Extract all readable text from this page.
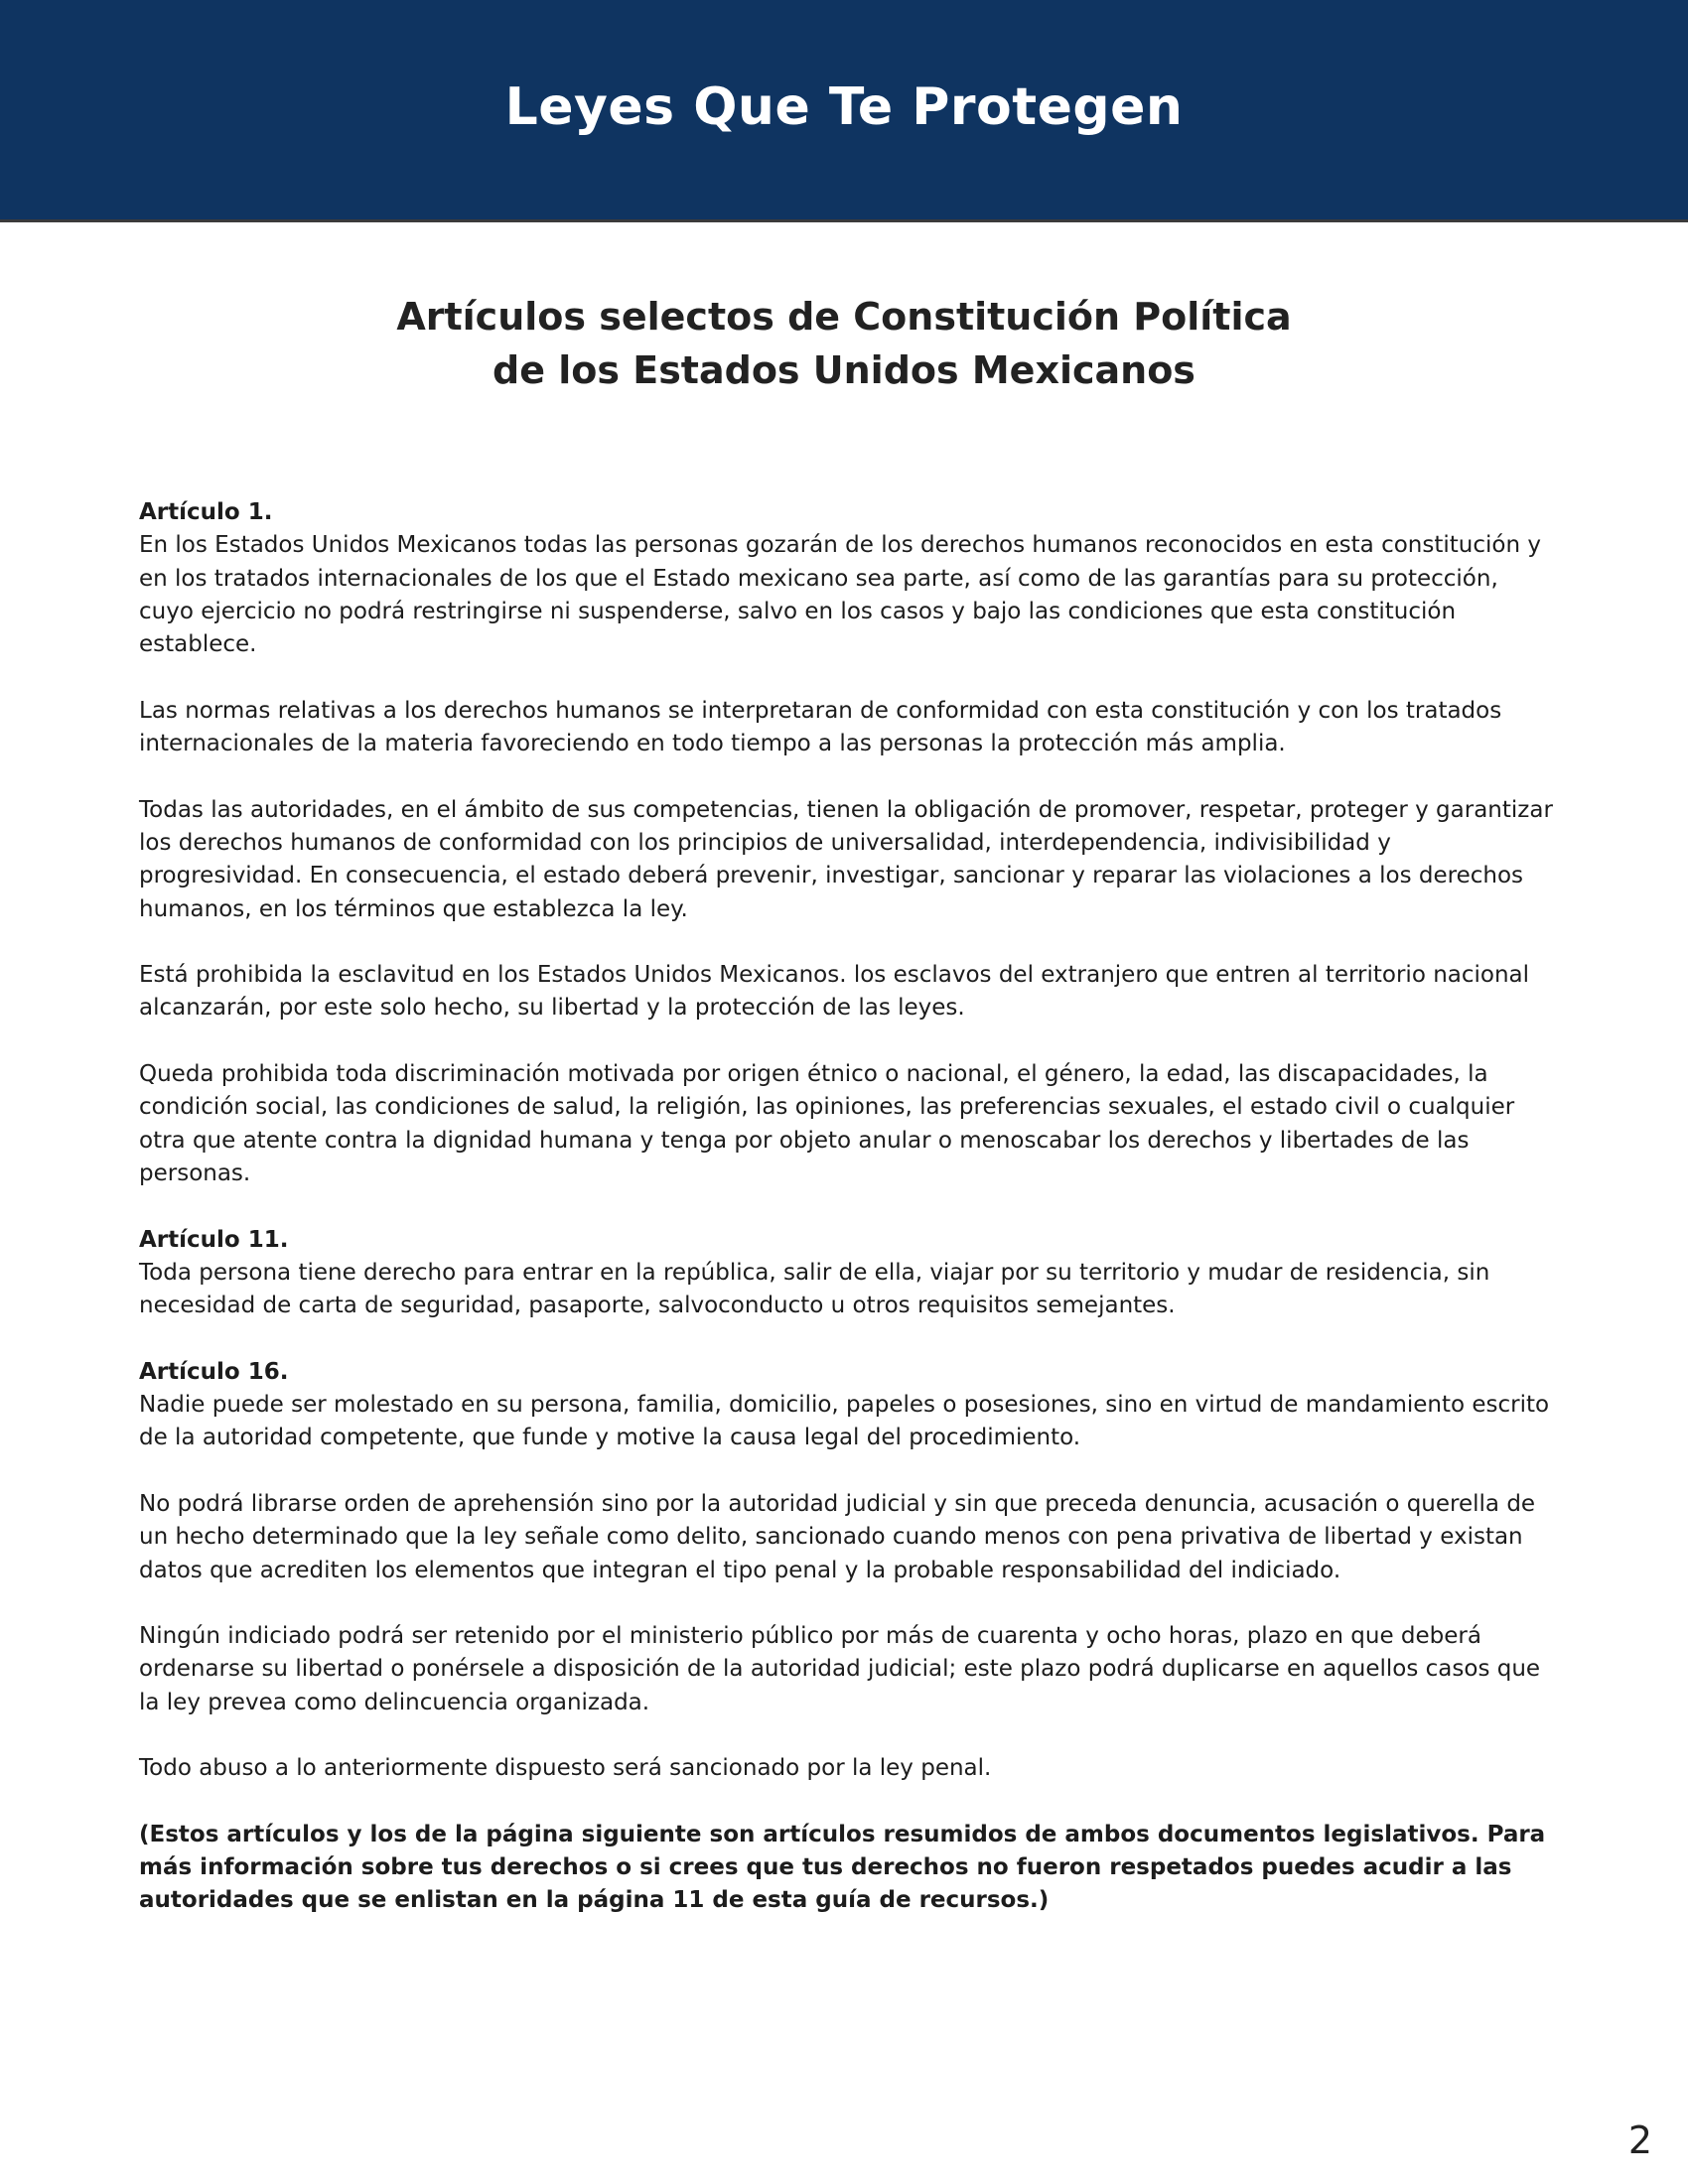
Leyes Que Te Protegen
Artículos selectos de Constitución Política
de los Estados Unidos Mexicanos

Artículo 1.
En los Estados Unidos Mexicanos todas las personas gozarán de los derechos humanos reconocidos en esta constitución y en los tratados internacionales de los que el Estado mexicano sea parte, así como de las garantías para su protección, cuyo ejercicio no podrá restringirse ni suspenderse, salvo en los casos y bajo las condiciones que esta constitución establece.

Las normas relativas a los derechos humanos se interpretaran de conformidad con esta constitución y con los tratados internacionales de la materia favoreciendo en todo tiempo a las personas la protección más amplia.

Todas las autoridades, en el ámbito de sus competencias, tienen la obligación de promover, respetar, proteger y garantizar los derechos humanos de conformidad con los principios de universalidad, interdependencia, indivisibilidad y progresividad. En consecuencia, el estado deberá prevenir, investigar, sancionar y reparar las violaciones a los derechos humanos, en los términos que establezca la ley.

Está prohibida la esclavitud en los Estados Unidos Mexicanos. los esclavos del extranjero que entren al territorio nacional alcanzarán, por este solo hecho, su libertad y la protección de las leyes.

Queda prohibida toda discriminación motivada por origen étnico o nacional, el género, la edad, las discapacidades, la condición social, las condiciones de salud, la religión, las opiniones, las preferencias sexuales, el estado civil o cualquier otra que atente contra la dignidad humana y tenga por objeto anular o menoscabar los derechos y libertades de las personas.

Artículo 11.
Toda persona tiene derecho para entrar en la república, salir de ella, viajar por su territorio y mudar de residencia, sin necesidad de carta de seguridad, pasaporte, salvoconducto u otros requisitos semejantes.

Artículo 16.
Nadie puede ser molestado en su persona, familia, domicilio, papeles o posesiones, sino en virtud de mandamiento escrito de la autoridad competente, que funde y motive la causa legal del procedimiento.

No podrá librarse orden de aprehensión sino por la autoridad judicial y sin que preceda denuncia, acusación o querella de un hecho determinado que la ley señale como delito, sancionado cuando menos con pena privativa de libertad y existan datos que acrediten los elementos que integran el tipo penal y la probable responsabilidad del indiciado.

Ningún indiciado podrá ser retenido por el ministerio público por más de cuarenta y ocho horas, plazo en que deberá ordenarse su libertad o ponérsele a disposición de la autoridad judicial; este plazo podrá duplicarse en aquellos casos que la ley prevea como delincuencia organizada.

Todo abuso a lo anteriormente dispuesto será sancionado por la ley penal.

(Estos artículos y los de la página siguiente son artículos resumidos de ambos documentos legislativos. Para más información sobre tus derechos o si crees que tus derechos no fueron respetados puedes acudir a las autoridades que se enlistan en la página 11 de esta guía de recursos.)

2
